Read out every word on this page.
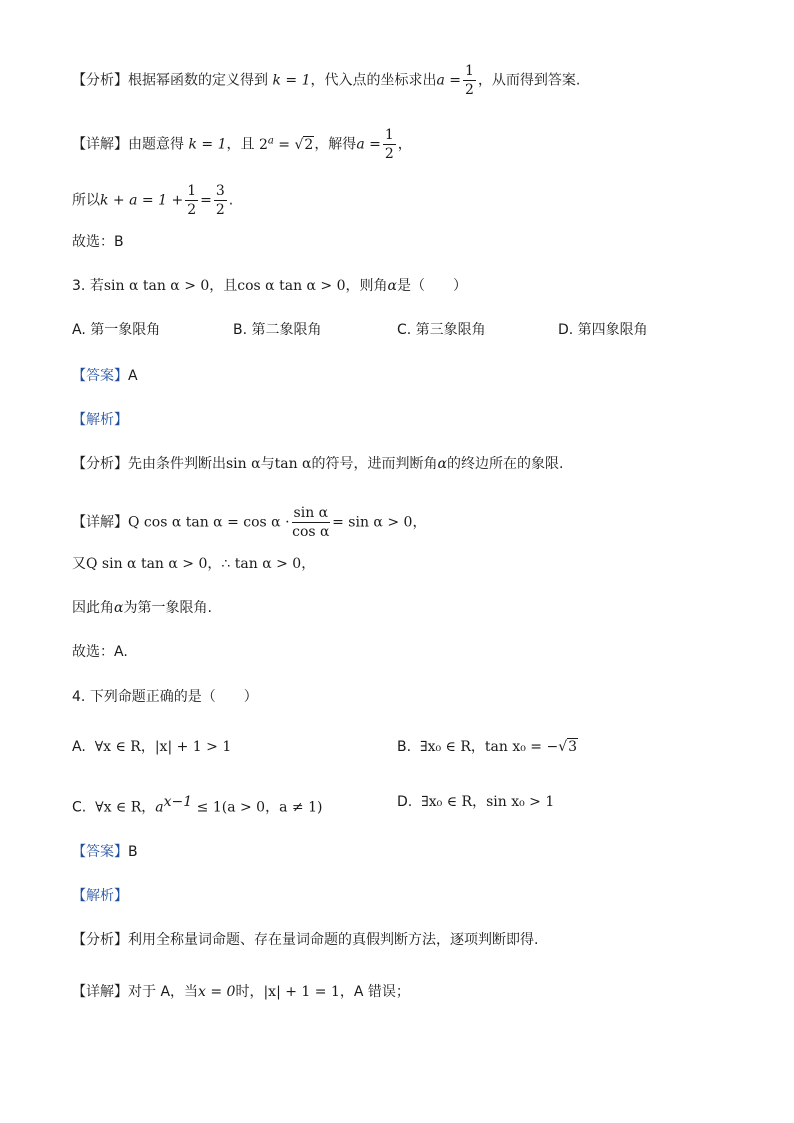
【分析】根据幂函数的定义得到 k = 1，代入点的坐标求出$a = \frac{1}{2}$ ，从而得到答案.
【详解】由题意得 k = 1，且 $2^a = √2$，解得$a = \frac{1}{2}$ ，
所以$k + a = 1 + \frac{1}{2} = \frac{3}{2}$ .
故选：B
3. 若sin α tan α > 0，且cos α tan α > 0，则角α是（　　）
A. 第一象限角	B. 第二象限角	C. 第三象限角	D. 第四象限角
【答案】A
【解析】
【分析】先由条件判断出sin α与tan α的符号，进而判断角α的终边所在的象限.
【详解】Q cos α $\tan \alpha = \cos \alpha \cdot \frac{\text{sin α}}{\text{cos α}} = \sin \alpha > 0$，
又Q sin α tan α > 0，∴ tan α > 0，
因此角α为第一象限角.
故选：A.
4. 下列命题正确的是（　　）
A. ∀x ∈ R，|x| + 1 > 1	B. ∃x₀ ∈ R，tan x₀ = −√3
C. ∀x ∈ R，$a^{x-1} \le 1(a > 0$，a ≠ 1)	D. ∃x₀ ∈ R，sin x₀ > 1
【答案】B
【解析】
【分析】利用全称量词命题、存在量词命题的真假判断方法，逐项判断即得.
【详解】对于 A，当x = 0时，|x| + 1 = 1，A 错误；
